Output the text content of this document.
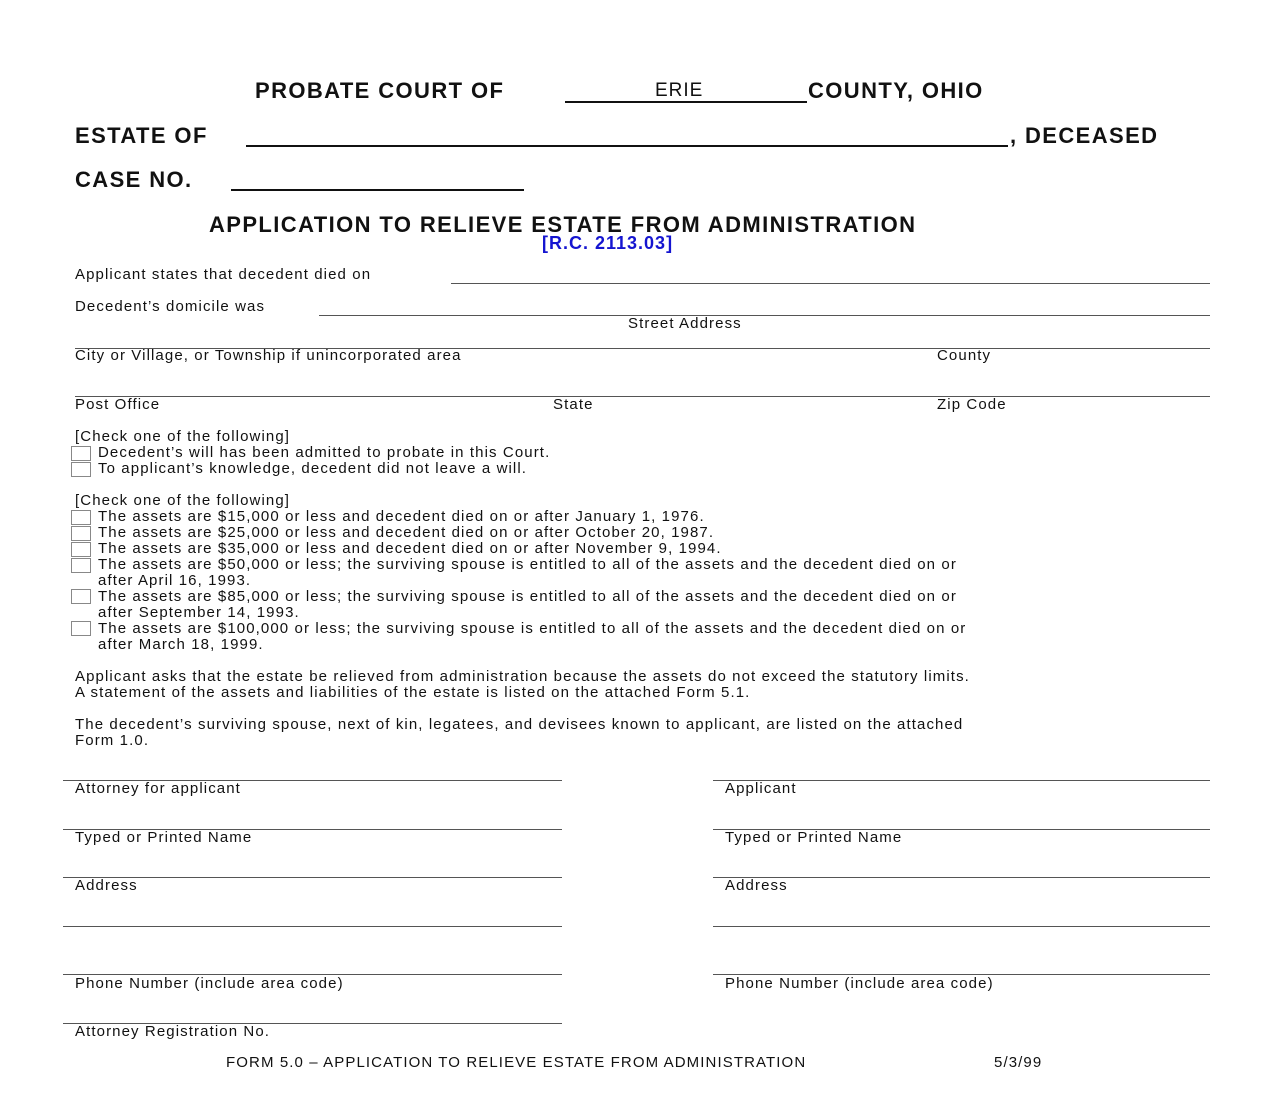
PROBATE COURT OF	ERIE	COUNTY, OHIO
ESTATE OF	, DECEASED
CASE NO.
APPLICATION TO RELIEVE ESTATE FROM ADMINISTRATION
[R.C. 2113.03]
Applicant states that decedent died on
Decedent’s domicile was
Street Address
City or Village, or Township if unincorporated area	County
Post Office	State	Zip Code
[Check one of the following]
Decedent’s will has been admitted to probate in this Court.
To applicant’s knowledge, decedent did not leave a will.
[Check one of the following]
The assets are $15,000 or less and decedent died on or after January 1, 1976.
The assets are $25,000 or less and decedent died on or after October 20, 1987.
The assets are $35,000 or less and decedent died on or after November 9, 1994.
The assets are $50,000 or less; the surviving spouse is entitled to all of the assets and the decedent died on or
after April 16, 1993.
The assets are $85,000 or less; the surviving spouse is entitled to all of the assets and the decedent died on or
after September 14, 1993.
The assets are $100,000 or less; the surviving spouse is entitled to all of the assets and the decedent died on or
after March 18, 1999.
Applicant asks that the estate be relieved from administration because the assets do not exceed the statutory limits.
A statement of the assets and liabilities of the estate is listed on the attached Form 5.1.
The decedent’s surviving spouse, next of kin, legatees, and devisees known to applicant, are listed on the attached
Form 1.0.
Attorney for applicant
Typed or Printed Name
Address
Phone Number (include area code)
Attorney Registration No.
Applicant
Typed or Printed Name
Address
Phone Number (include area code)
FORM 5.0 – APPLICATION TO RELIEVE ESTATE FROM ADMINISTRATION	5/3/99
